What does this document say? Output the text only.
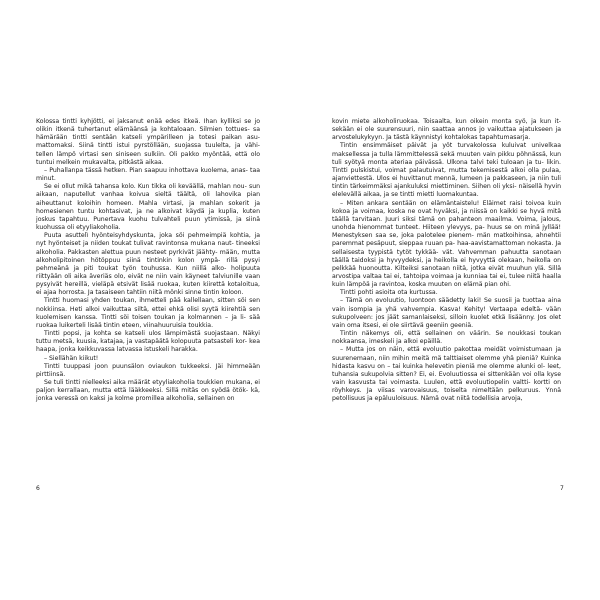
Kolossa tintti kyhjötti, ei jaksanut enää edes itkeä. Ihan kylliksi se jo olikin itkenä tuhertanut elämäänsä ja kohtaloaan. Silmien tottues- sa hämärään tintti sentään katseli ympärilleen ja totesi paikan asu- mattomaksi. Siinä tintti istui pyrstöllään, suojassa tuulelta, ja vähi- tellen lämpö virtasi sen siniseen sulkiin. Oli pakko myöntää, että olo tuntui melkein mukavalta, pitkästä aikaa.

– Puhallanpa tässä hetken. Pian saapuu inhottava kuolema, anas- taa minut.

Se ei ollut mikä tahansa kolo. Kun tikka oli keväällä, mahlan nou- sun aikaan, naputellut vanhaa koivua sieltä täältä, oli lahovika pian aiheuttanut koloihin homeen. Mahla virtasi, ja mahlan sokerit ja homesienen tuntu kohtasivat, ja ne alkoivat käydä ja kuplia, kuten joskus tapahtuu. Punertava kuohu tulvahteli puun ytimissä, ja siinä kuohussa oli etyyliakoholia.

Puuta asuttelì hyönteisyhdyskunta, joka söi pehmeimpiä kohtia, ja nyt hyönteiset ja niiden toukat tulivat ravintonsa mukana naut- tineeksi alkoholia. Pakkasten alettua puun nesteet pyrkivät jäähty- mään, mutta alkoholipitoinen hötöppuu siinä tintinkin kolon ympä- rillä pysyi pehmeänä ja piti toukat työn touhussa. Kun niillä alko- holipuuta riittyään oli aika äveriäs olo, eivät ne niin vain käyneet talviunille vaan pysyivät hereillä, vieläpä etsivät lisää ruokaa, kuten kiirettä kotaloitua, ei ajaa horrosta. Ja tasaiseen tahtiin niitä mönki sinne tintin koloon.

Tintti huomasi yhden toukan, ihmetteli pää kallellaan, sitten söi sen nokkiinsa. Heti alkoi vaikuttaa siltä, ettei ehkä olisi syytä kiirehtiä sen kuolemisen kanssa. Tintti söi toisen toukan ja kolmannen – ja li- sää ruokaa luikerteli lisää tintin eteen, viinahuuruisia toukkia.

Tintti popsi, ja kohta se katseli ulos lämpimästä suojastaan. Näkyi tuttu metsä, kuusia, katajaa, ja vastapäätä kolopuuta patsasteli kor- kea haapa, jonka keikkuvassa latvassa istuskeli harakka.

– Siellähän kiikut!

Tintti tuuppasi joon puunsälon oviaukon tukkeeksi. Jäi himmeään pirttiinsä.

Se tuli tintti nielleeksi aika määrät etyyliakoholia toukkien mukana, ei paljon kerrallaan, mutta että lääkkeeksi. Sillä mitäs on syödä ötök- kä, jonka veressä on kaksi ja kolme promillea alkoholia, sellainen on

6

kovin miete alkoholiruokaa. Toisaalta, kun oikein monta syö, ja kun it- sekään ei ole suurensuuri, niin saattaa annos jo vaikuttaa ajatukseen ja arvostelukykyyn. Ja tästä käynnistyi kohtalokas tapahtumasarja.

Tintin ensimmäiset päivät ja yöt turvakolossa kuluivat univelkaa maksellessa ja tulla lämmittelessä sekä muuten vain pikku pöhnässä, kun tuli syötyä monta ateriaa päivässä. Ulkona talvi teki tuloaan ja tu- likin. Tintti pulskistui, voimat palautuivat, mutta tekemisestä alkoi olla pulaa, ajanviettestä. Ulos ei huvittanut mennä, lumeen ja pakkaseen, ja niin tuli tintin tärkeimmäksi ajankuluksi miettiminen. Siihen oli yksi- näisellä hyvin elelevällä aikaa, ja se tintti mietti luomakuntaa.

– Miten ankara sentään on elämäntaistelu! Eläimet raisi toivoa kuin kokoa ja voimaa, koska ne ovat hyväksi, ja niissä on kaikki se hyvä mitä täällä tarvitaan. Juuri siksi tämä on pahanteon maailma. Voima, jalous, unohda hienommat tunteet. Hiiteen ylevyys, pa- huus se on minä jyllää! Menestyksen saa se, joka paloteleе pienem- män matkoihinsa, ahnehtii paremmat pesäpuut, sieppaa ruuan pa- haa-aavistamattoman nokasta. Ja sellaisesta tyypistä tytöt tykkää- vät. Vahvemman pahuutta sanotaan täällä taidoksi ja hyvyydeksi, ja heikolla ei hyvyyttä olekaan, heikolla on pelkkää huonoutta. Kilteiksi sanotaan niitä, jotka eivät muuhun ylä. Sillä arvostipa valtaa tai ei, tahtoipa voimaa ja kunniaa tai ei, tulee niitä haalla kuin lämpöä ja ravintoa, koska muuten on elämä pian ohi.

Tintti pohti asioita ota kurtussa.

– Tämä on evoluutio, luontoon säädetty laki! Se suosii ja tuottaa aina vain isompia ja yhä vahvempia. Kasva! Kehity! Vertaapa edeltä- vään sukupolveen: jos jäät samanlaiseksi, silloin kuolet etkä lisäänny. Jos olet vain oma itsesi, ei ole siirtävä geeniin geeniä.

Tintin näkemys oli, että sellainen on väärin. Se noukkasi toukan nokkaansa, imeskeli ja alkoi epäillä.

– Mutta jos on näin, että evoluutio pakottaa meidät voimistumaan ja suurenemaan, niin mihin meitä mä talttiaiset olemme yhä pieniä? Kuinka hidasta kasvu on – tai kuinka helevetin pieniä me olemme alunki ol- leet, tuhansia sukupolvia sitten? Ei, ei. Evoluutiossa ei sittenkään voi olla kyse vain kasvusta tai voimasta. Luulen, että evoluutiopelin valtti- kortti on röyhkeys. Ja viisas varovaisuus, toiselta nimeltään pelkuruus. Ynnä petollisuus ja epäluuloisuus. Nämä ovat niitä todellisia arvoja,

7
